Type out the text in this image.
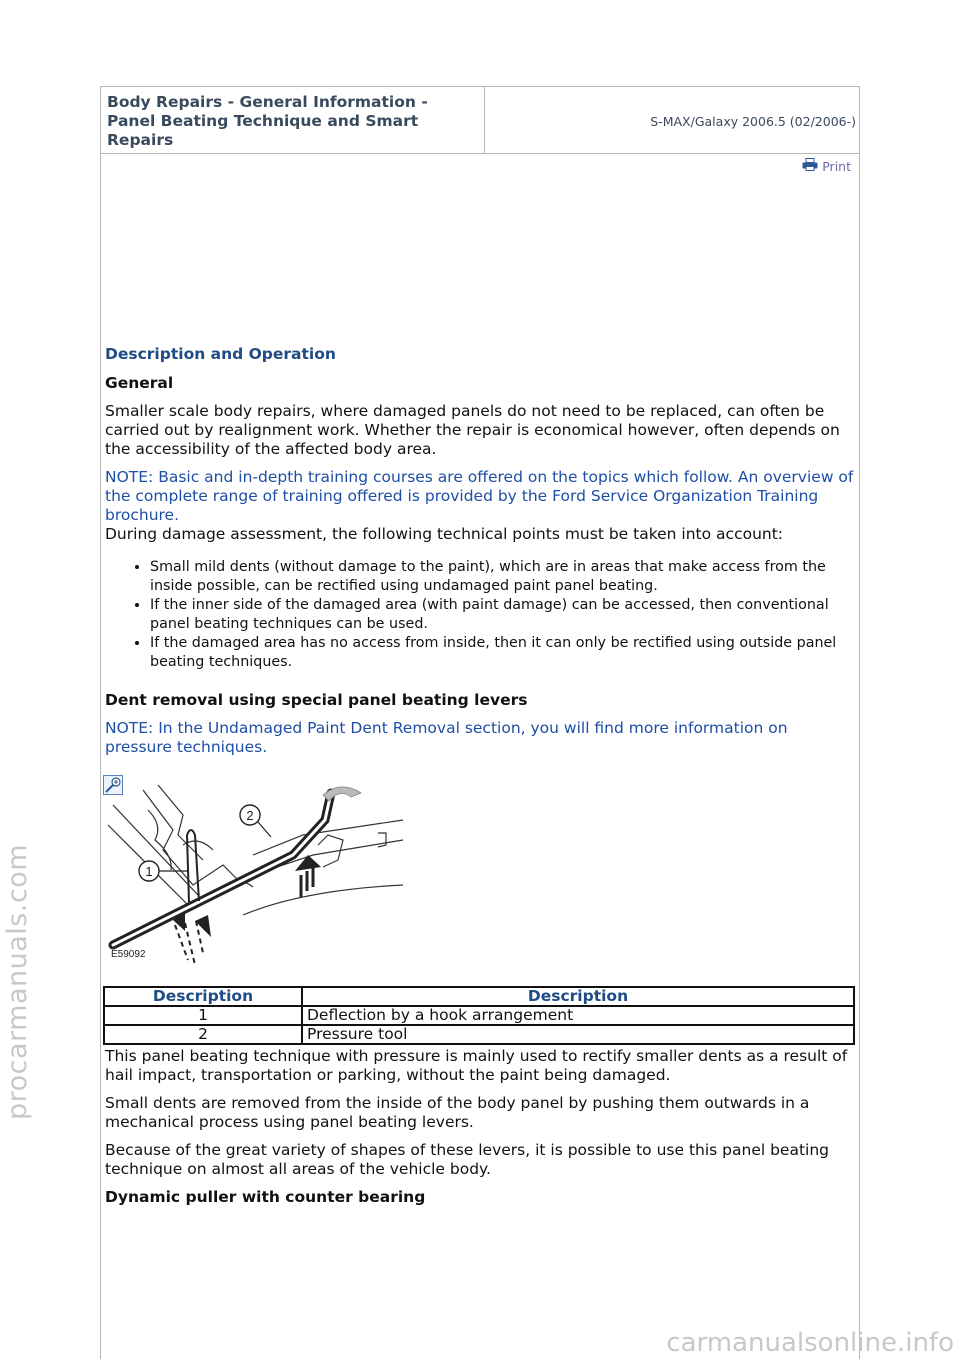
procarmanuals.com
Body Repairs - General Information - Panel Beating Technique and Smart Repairs
S-MAX/Galaxy 2006.5 (02/2006-)
Print
Description and Operation
General

Smaller scale body repairs, where damaged panels do not need to be replaced, can often be carried out by realignment work. Whether the repair is economical however, often depends on the accessibility of the affected body area.

NOTE: Basic and in-depth training courses are offered on the topics which follow. An overview of the complete range of training offered is provided by the Ford Service Organization Training brochure.

During damage assessment, the following technical points must be taken into account:

• Small mild dents (without damage to the paint), which are in areas that make access from the inside possible, can be rectified using undamaged paint panel beating.
• If the inner side of the damaged area (with paint damage) can be accessed, then conventional panel beating techniques can be used.
• If the damaged area has no access from inside, then it can only be rectified using outside panel beating techniques.
Dent removal using special panel beating levers

NOTE: In the Undamaged Paint Dent Removal section, you will find more information on pressure techniques.

1
2
E59092
Description	Description
1	Deflection by a hook arrangement
2	Pressure tool

This panel beating technique with pressure is mainly used to rectify smaller dents as a result of hail impact, transportation or parking, without the paint being damaged.

Small dents are removed from the inside of the body panel by pushing them outwards in a mechanical process using panel beating levers.

Because of the great variety of shapes of these levers, it is possible to use this panel beating technique on almost all areas of the vehicle body.

Dynamic puller with counter bearing
carmanualsonline.info
